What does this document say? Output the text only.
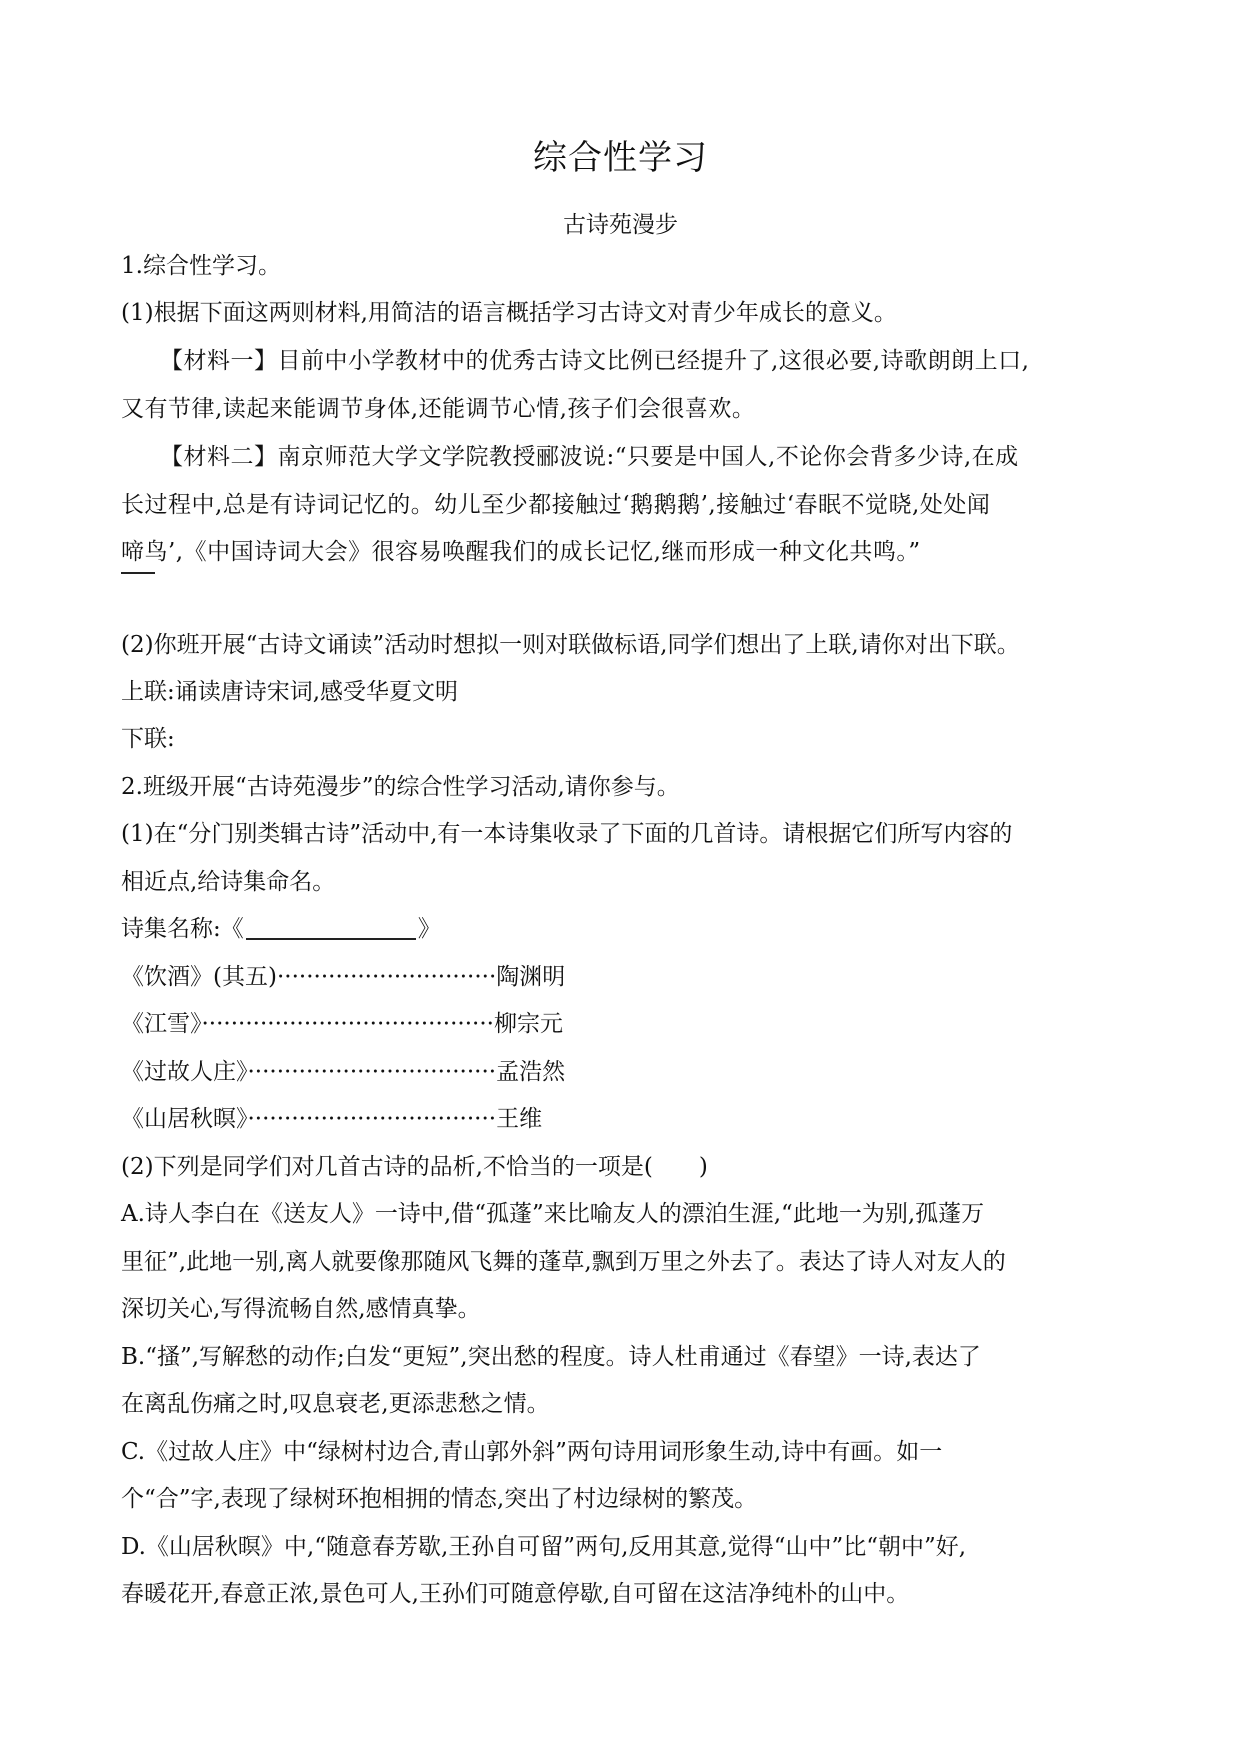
综合性学习
古诗苑漫步
1.综合性学习。
(1)根据下面这两则材料,用简洁的语言概括学习古诗文对青少年成长的意义。
【材料一】目前中小学教材中的优秀古诗文比例已经提升了,这很必要,诗歌朗朗上口,
又有节律,读起来能调节身体,还能调节心情,孩子们会很喜欢。
【材料二】南京师范大学文学院教授郦波说:“只要是中国人,不论你会背多少诗,在成
长过程中,总是有诗词记忆的。幼儿至少都接触过‘鹅鹅鹅’,接触过‘春眠不觉晓,处处闻
啼鸟’,《中国诗词大会》很容易唤醒我们的成长记忆,继而形成一种文化共鸣。”
(2)你班开展“古诗文诵读”活动时想拟一则对联做标语,同学们想出了上联,请你对出下联。
上联:诵读唐诗宋词,感受华夏文明
下联:
2.班级开展“古诗苑漫步”的综合性学习活动,请你参与。
(1)在“分门别类辑古诗”活动中,有一本诗集收录了下面的几首诗。请根据它们所写内容的
相近点,给诗集命名。
诗集名称:《	》
《饮酒》(其五)······························陶渊明
《江雪》········································柳宗元
《过故人庄》··································孟浩然
《山居秋暝》··································王维
(2)下列是同学们对几首古诗的品析,不恰当的一项是(　　)
A.诗人李白在《送友人》一诗中,借“孤蓬”来比喻友人的漂泊生涯,“此地一为别,孤蓬万
里征”,此地一别,离人就要像那随风飞舞的蓬草,飘到万里之外去了。表达了诗人对友人的
深切关心,写得流畅自然,感情真挚。
B.“搔”,写解愁的动作;白发“更短”,突出愁的程度。诗人杜甫通过《春望》一诗,表达了
在离乱伤痛之时,叹息衰老,更添悲愁之情。
C.《过故人庄》中“绿树村边合,青山郭外斜”两句诗用词形象生动,诗中有画。如一
个“合”字,表现了绿树环抱相拥的情态,突出了村边绿树的繁茂。
D.《山居秋暝》中,“随意春芳歇,王孙自可留”两句,反用其意,觉得“山中”比“朝中”好,
春暖花开,春意正浓,景色可人,王孙们可随意停歇,自可留在这洁净纯朴的山中。
